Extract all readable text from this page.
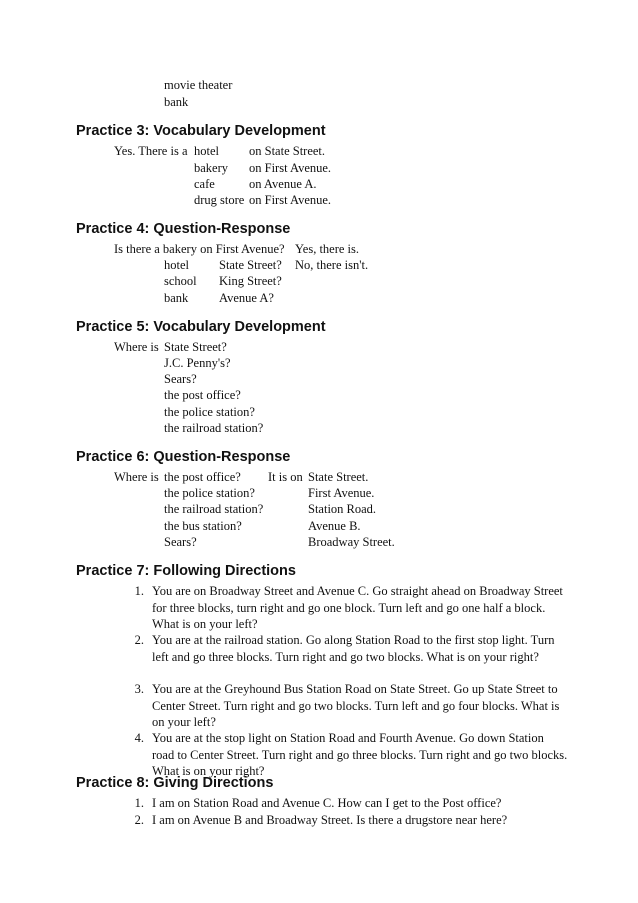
movie theater
bank
Practice 3: Vocabulary Development
Yes. There is a hotel
bakery
cafe
drug store
on State Street.
on First Avenue.
on Avenue A.
on First Avenue.
Practice 4: Question-Response
Is there a bakery on First Avenue? Yes, there is.
hotel
school
bank
State Street?
King Street?
Avenue A?
No, there isn't.
Practice 5: Vocabulary Development
Where is State Street?
J.C. Penny's?
Sears?
the post office?
the police station?
the railroad station?
Practice 6: Question-Response
Where is the post office?
the police station?
the railroad station?
the bus station?
Sears?
It is on State Street.
First Avenue.
Station Road.
Avenue B.
Broadway Street.
Practice 7: Following Directions
1. You are on Broadway Street and Avenue C. Go straight ahead on Broadway Street for three blocks, turn right and go one block. Turn left and go one half a block. What is on your left?
2. You are at the railroad station. Go along Station Road to the first stop light. Turn left and go three blocks. Turn right and go two blocks. What is on your right?
3. You are at the Greyhound Bus Station Road on State Street. Go up State Street to Center Street. Turn right and go two blocks. Turn left and go four blocks. What is on your left?
4. You are at the stop light on Station Road and Fourth Avenue. Go down Station road to Center Street. Turn right and go three blocks. Turn right and go two blocks. What is on your right?
Practice 8: Giving Directions
1. I am on Station Road and Avenue C. How can I get to the Post office?
2. I am on Avenue B and Broadway Street. Is there a drugstore near here?
